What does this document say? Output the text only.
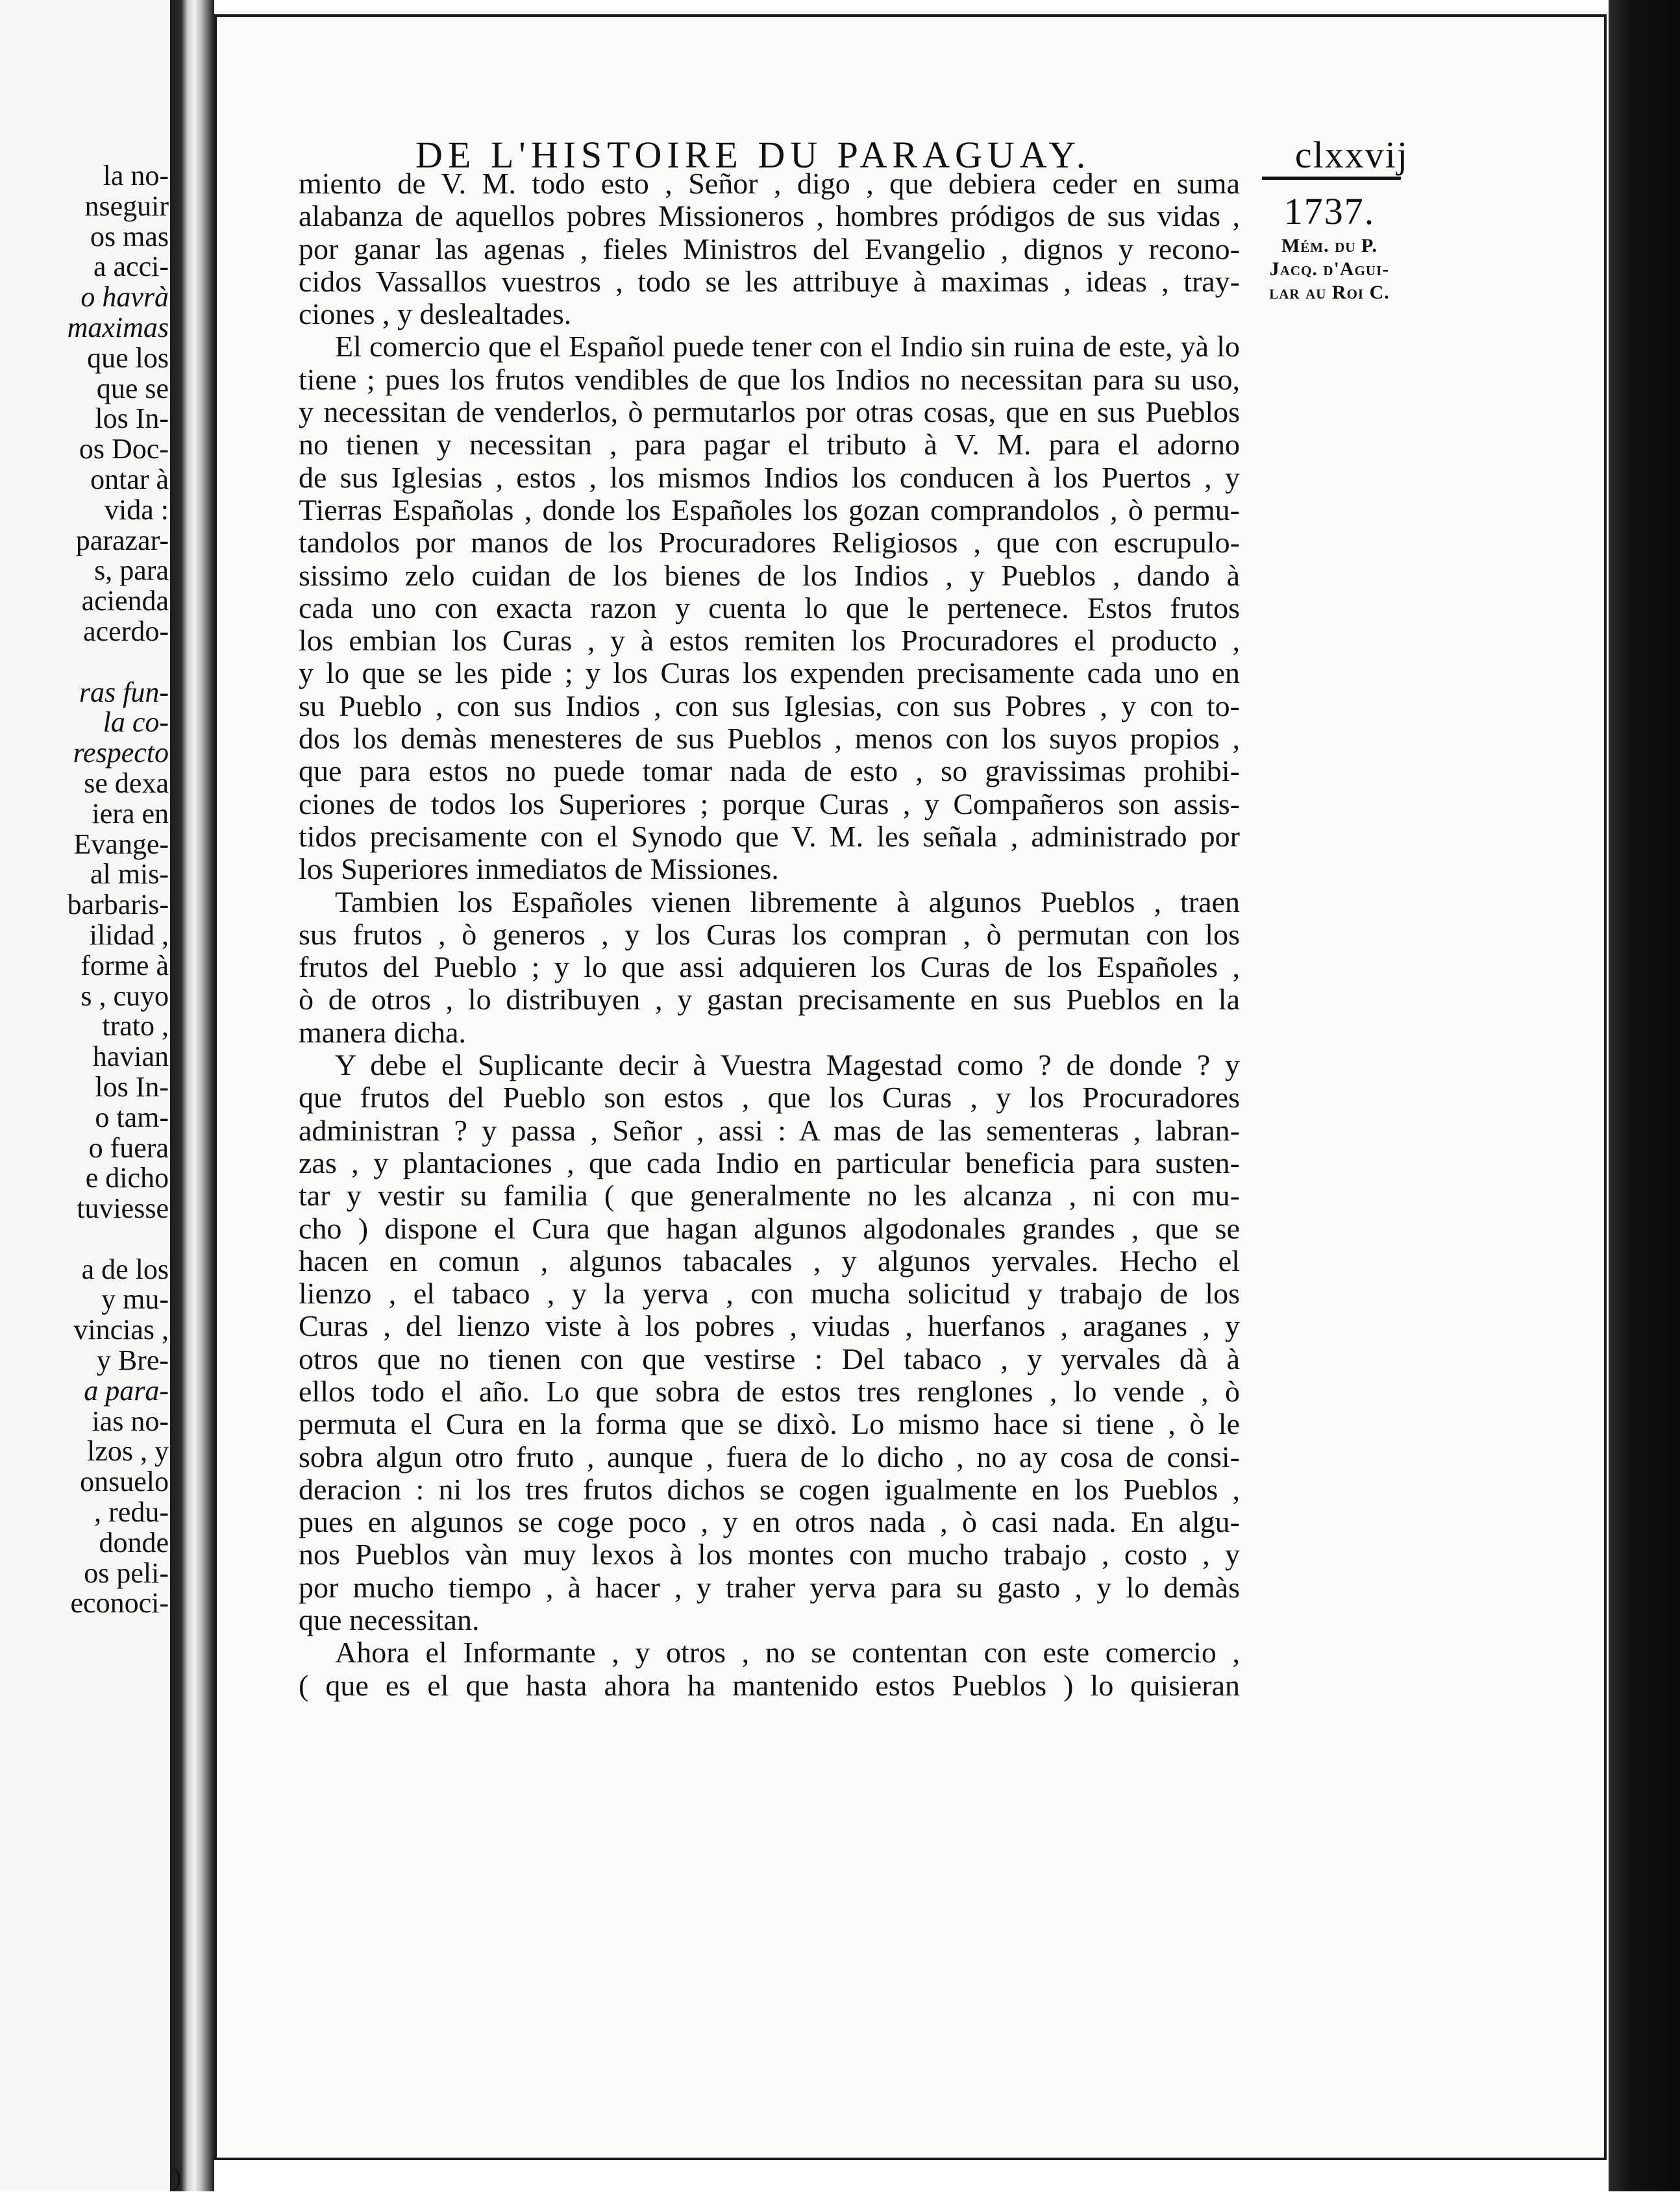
la no-
nseguir
os mas
a acci-
o havrà
maximas
que los
que se
los In-
os Doc-
ontar à
vida :
parazar-
s, para
acienda
acerdo-

ras fun-
la co-
respecto
se dexa
iera en
Evange-
al mis-
barbaris-
ilidad ,
forme à
s , cuyo
trato ,
havian
los In-
o tam-
o fuera
e dicho
tuviesse

a de los
y mu-
vincias ,
y Bre-
a para-
ias no-
lzos , y
onsuelo
, redu-
donde
os peli-
econoci-
DE L'HISTOIRE DU PARAGUAY.	clxxvij

miento de V. M. todo esto , Señor , digo , que debiera ceder en suma

alabanza de aquellos pobres Missioneros , hombres pródigos de sus vidas ,

por ganar las agenas , fieles Ministros del Evangelio , dignos y recono-

cidos Vassallos vuestros , todo se les attribuye à maximas , ideas , tray-

ciones , y deslealtades.

El comercio que el Español puede tener con el Indio sin ruina de este, yà lo

tiene ; pues los frutos vendibles de que los Indios no necessitan para su uso,

y necessitan de venderlos, ò permutarlos por otras cosas, que en sus Pueblos

no tienen y necessitan , para pagar el tributo à V. M. para el adorno

de sus Iglesias , estos , los mismos Indios los conducen à los Puertos , y

Tierras Españolas , donde los Españoles los gozan comprandolos , ò permu-

tandolos por manos de los Procuradores Religiosos , que con escrupulo-

sissimo zelo cuidan de los bienes de los Indios , y Pueblos , dando à

cada uno con exacta razon y cuenta lo que le pertenece. Estos frutos

los embian los Curas , y à estos remiten los Procuradores el producto ,

y lo que se les pide ; y los Curas los expenden precisamente cada uno en

su Pueblo , con sus Indios , con sus Iglesias, con sus Pobres , y con to-

dos los demàs menesteres de sus Pueblos , menos con los suyos propios ,

que para estos no puede tomar nada de esto , so gravissimas prohibi-

ciones de todos los Superiores ; porque Curas , y Compañeros son assis-

tidos precisamente con el Synodo que V. M. les señala , administrado por

los Superiores inmediatos de Missiones.

Tambien los Españoles vienen libremente à algunos Pueblos , traen

sus frutos , ò generos , y los Curas los compran , ò permutan con los

frutos del Pueblo ; y lo que assi adquieren los Curas de los Españoles ,

ò de otros , lo distribuyen , y gastan precisamente en sus Pueblos en la

manera dicha.

Y debe el Suplicante decir à Vuestra Magestad como ? de donde ? y

que frutos del Pueblo son estos , que los Curas , y los Procuradores

administran ? y passa , Señor , assi : A mas de las sementeras , labran-

zas , y plantaciones , que cada Indio en particular beneficia para susten-

tar y vestir su familia ( que generalmente no les alcanza , ni con mu-

cho ) dispone el Cura que hagan algunos algodonales grandes , que se

hacen en comun , algunos tabacales , y algunos yervales. Hecho el

lienzo , el tabaco , y la yerva , con mucha solicitud y trabajo de los

Curas , del lienzo viste à los pobres , viudas , huerfanos , araganes , y

otros que no tienen con que vestirse : Del tabaco , y yervales dà à

ellos todo el año. Lo que sobra de estos tres renglones , lo vende , ò

permuta el Cura en la forma que se dixò. Lo mismo hace si tiene , ò le

sobra algun otro fruto , aunque , fuera de lo dicho , no ay cosa de consi-

deracion : ni los tres frutos dichos se cogen igualmente en los Pueblos ,

pues en algunos se coge poco , y en otros nada , ò casi nada. En algu-

nos Pueblos vàn muy lexos à los montes con mucho trabajo , costo , y

por mucho tiempo , à hacer , y traher yerva para su gasto , y lo demàs

que necessitan.

Ahora el Informante , y otros , no se contentan con este comercio ,

( que es el que hasta ahora ha mantenido estos Pueblos ) lo quisieran

1737.
Mém. du P.
Jacq. d'Agui-
lar au Roi C.
)
